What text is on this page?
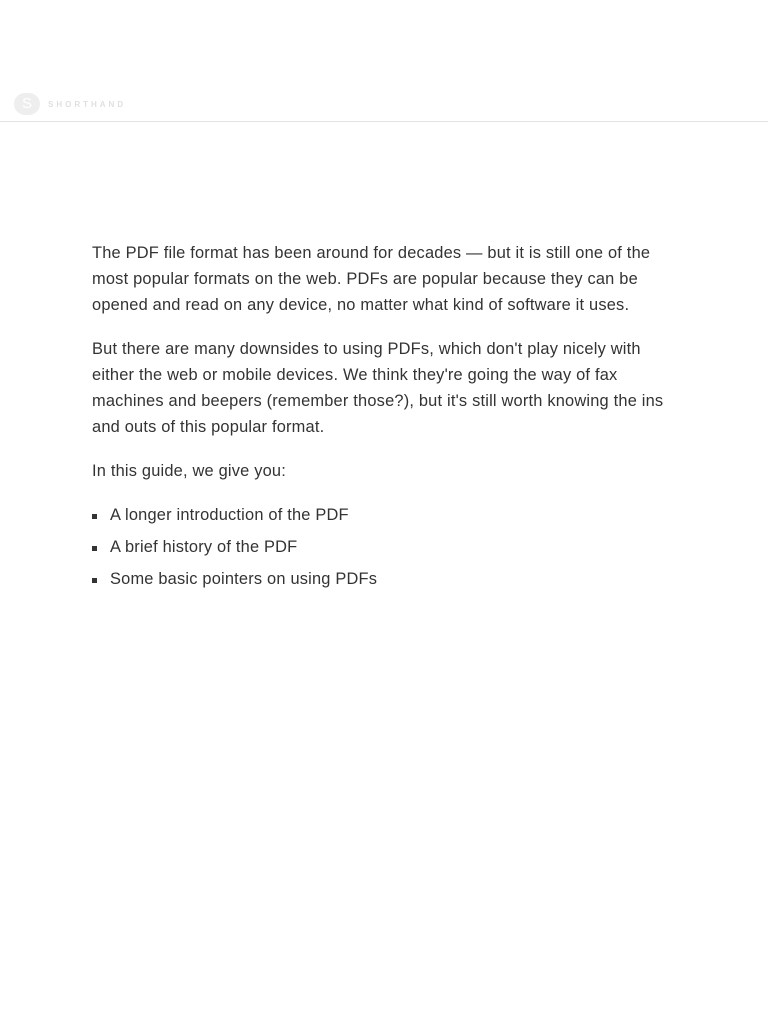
S	SHORTHAND

The PDF file format has been around for decades — but it is still one of the most popular formats on the web. PDFs are popular because they can be opened and read on any device, no matter what kind of software it uses.

But there are many downsides to using PDFs, which don't play nicely with either the web or mobile devices. We think they're going the way of fax machines and beepers (remember those?), but it's still worth knowing the ins and outs of this popular format.

In this guide, we give you:

A longer introduction of the PDF
A brief history of the PDF
Some basic pointers on using PDFs
